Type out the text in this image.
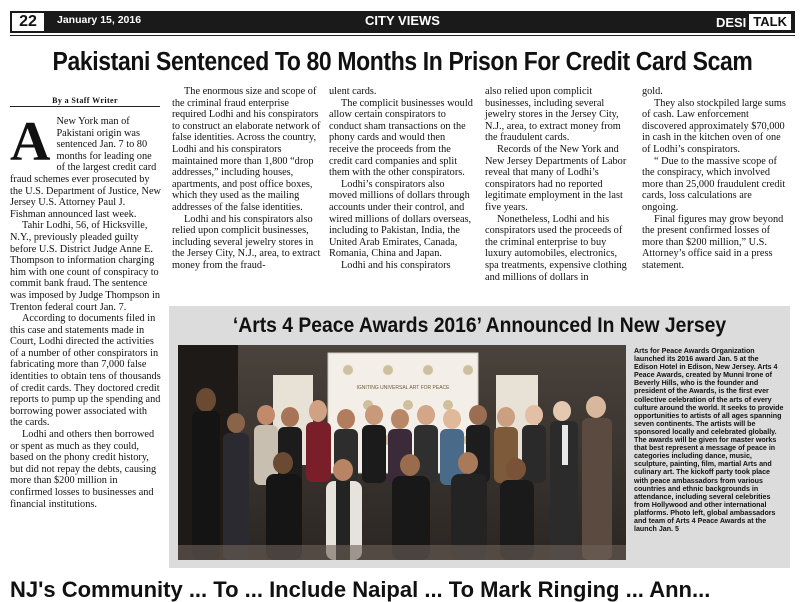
22	January 15, 2016	CITY VIEWS	DESI TALK
Pakistani Sentenced To 80 Months In Prison For Credit Card Scam
By a Staff Writer
A New York man of Pakistani origin was sentenced Jan. 7 to 80 months for leading one of the largest credit card fraud schemes ever prosecuted by the U.S. Department of Justice, New Jersey U.S. Attorney Paul J. Fishman announced last week.

Tahir Lodhi, 56, of Hicksville, N.Y., previously pleaded guilty before U.S. District Judge Anne E. Thompson to information charging him with one count of conspiracy to commit bank fraud. The sentence was imposed by Judge Thompson in Trenton federal court Jan. 7.

According to documents filed in this case and statements made in Court, Lodhi directed the activities of a number of other conspirators in fabricating more than 7,000 false identities to obtain tens of thousands of credit cards. They doctored credit reports to pump up the spending and borrowing power associated with the cards.

Lodhi and others then borrowed or spent as much as they could, based on the phony credit history, but did not repay the debts, causing more than $200 million in confirmed losses to businesses and financial institutions.

The enormous size and scope of the criminal fraud enterprise required Lodhi and his conspirators to construct an elaborate network of false identities. Across the country, Lodhi and his conspirators maintained more than 1,800 “drop addresses,” including houses, apartments, and post office boxes, which they used as the mailing addresses of the false identities.

Lodhi and his conspirators also relied upon complicit businesses, including several jewelry stores in the Jersey City, N.J., area, to extract money from the fraud-

ulent cards.

The complicit businesses would allow certain conspirators to conduct sham transactions on the phony cards and would then receive the proceeds from the credit card companies and split them with the other conspirators.

Lodhi’s conspirators also moved millions of dollars through accounts under their control, and wired millions of dollars overseas, including to Pakistan, India, the United Arab Emirates, Canada, Romania, China and Japan.

Lodhi and his conspirators

also relied upon complicit businesses, including several jewelry stores in the Jersey City, N.J., area, to extract money from the fraudulent cards.

Records of the New York and New Jersey Departments of Labor reveal that many of Lodhi’s conspirators had no reported legitimate employment in the last five years.

Nonetheless, Lodhi and his conspirators used the proceeds of the criminal enterprise to buy luxury automobiles, electronics, spa treatments, expensive clothing and millions of dollars in

gold.

They also stockpiled large sums of cash. Law enforcement discovered approximately $70,000 in cash in the kitchen oven of one of Lodhi’s conspirators.

“ Due to the massive scope of the conspiracy, which involved more than 25,000 fraudulent credit cards, loss calculations are ongoing.

Final figures may grow beyond the present confirmed losses of more than $200 million,” U.S. Attorney’s office said in a press statement.

‘Arts 4 Peace Awards 2016’ Announced In New Jersey
IGNITING UNIVERSAL ART FOR PEACE
Arts for Peace Awards Organization launched its 2016 award Jan. 5 at the Edison Hotel in Edison, New Jersey. Arts 4 Peace Awards, created by Munni Irone of Beverly Hills, who is the founder and president of the Awards, is the first ever collective celebration of the arts of every culture around the world. It seeks to provide opportunities to artists of all ages spanning seven continents. The artists will be sponsored locally and celebrated globally. The awards will be given for master works that best represent a message of peace in categories including dance, music, sculpture, painting, film, martial Arts and culinary art. The kickoff party took place with peace ambassadors from various countries and ethnic backgrounds in attendance, including several celebrities from Hollywood and other international platforms. Photo left, global ambassadors and team of Arts 4 Peace Awards at the launch Jan. 5
NJ's Community ... To ... Include Naipal ... To Mark Ringing ... Ann...
